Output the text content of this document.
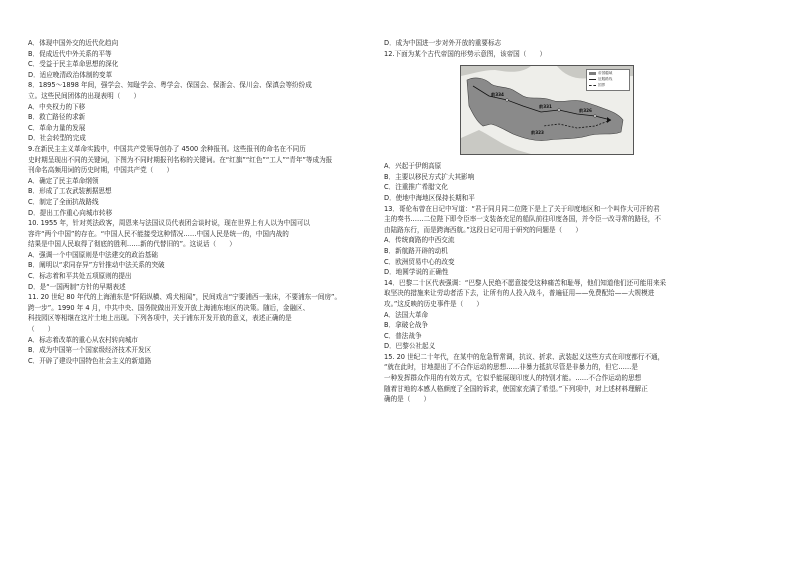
A．体现中国外交的近代化趋向
B．促成近代中外关系的平等
C．受益于民主革命思想的深化
D．适应晚清政治体制的变革
8．1895～1898 年间，强学会、知耻学会、粤学会、保国会、保浙会、保川会、保滇会等纷纷成
立。这些民间团体的出现表明（　　）
A．中央权力的下移
B．救亡路径的求新
C．革命力量的发展
D．社会转型的完成
9.在新民主主义革命实践中，中国共产党领导创办了 4500 余种报刊。这些报刊的命名在不同历
史时期呈现出不同的关键词，下图为不同时期报刊名称的关键词。在“红旗”“红色”“工人”“青年”等成为报
刊命名高频用词的历史时期，中国共产党（　　）
A．确定了民主革命纲领
B．形成了工农武装割据思想
C．制定了全面抗战路线
D．提出工作重心向城市转移
10. 1955 年，针对英法政客，周恩来与法国议员代表团会谈时说，现在世界上有人以为中国可以
容许“两个中国”的存在。“中国人民不能接受这种情况……中国人民是统一的，中国内战的
结果是中国人民取得了彻底的胜利……新的代替旧的”。这说话（　　）
A．强调一个中国原则是中法建交的政治基础
B．阐明以“求同存异”方针推动中法关系的突破
C．标志着和平共处五项原则的提出
D．是“一国两制”方针的早期表述
11. 20 世纪 80 年代的上海浦东是“阡陌纵横、鸡犬相闻”，民间戏言“宁要浦西一张床，不要浦东一间房”。
跨一步”。1990 年 4 月，中共中央、国务院做出开发开放上海浦东地区的决策。随后，金融区、
科技园区等相继在这片土地上出现。下列各项中，关于浦东开发开放的意义，表述正确的是
（　　）
A．标志着改革的重心从农村转向城市
B．成为中国第一个国家级经济技术开发区
C．开辟了建设中国特色社会主义的新道路
D．成为中国进一步对外开放的重要标志
12.下面为某个古代帝国的形势示意图，该帝国（　　）
前334
前331
前326
前323
帝国疆域
征服路线
国界
A．兴起于伊朗高原
B．主要以移民方式扩大其影响
C．注重推广希腊文化
D．使地中海地区保持长期和平
13．哥伦布曾在日记中写道：“君于同月同二位陛下是上了关于印度地区和一个叫作大可汗的君
主的奏书……二位陛下即令臣率一支装备充足的船队前往印度各国，并令臣一改寻常的路径，不
由陆路东行，而是跨海西航。”这段日记可用于研究的问题是（　　）
A．传统商路的中西交流
B．新航路开辟的动机
C．欧洲贸易中心的改变
D．地圆学说的正确性
14．巴黎二十区代表强调：“巴黎人民绝不愿意接受这种痛苦和耻辱，他们知道他们还可能用来采
取坚决的措施来让劳动者活下去，让所有的人投入战斗，普遍征用——免费配给——大规模进
攻。”这反映的历史事件是（　　）
A．法国大革命
B．拿破仑战争
C．普法战争
D．巴黎公社起义
15. 20 世纪二十年代，在某中的危急暂常调，抗议、折求、武装起义这些方式在印度都行不通，
“就在此时，甘地提出了不合作运动的思想……非暴力抵抗尽管是非暴力的，但它……是
一种发挥群众作用的有效方式，它似乎能展现印度人的特别才能。……不合作运动的思想
随着甘地的本感人格颜度了全国的诉求，使国家充满了希望。”下列项中，对上述材料理解正
确的是（　　）
